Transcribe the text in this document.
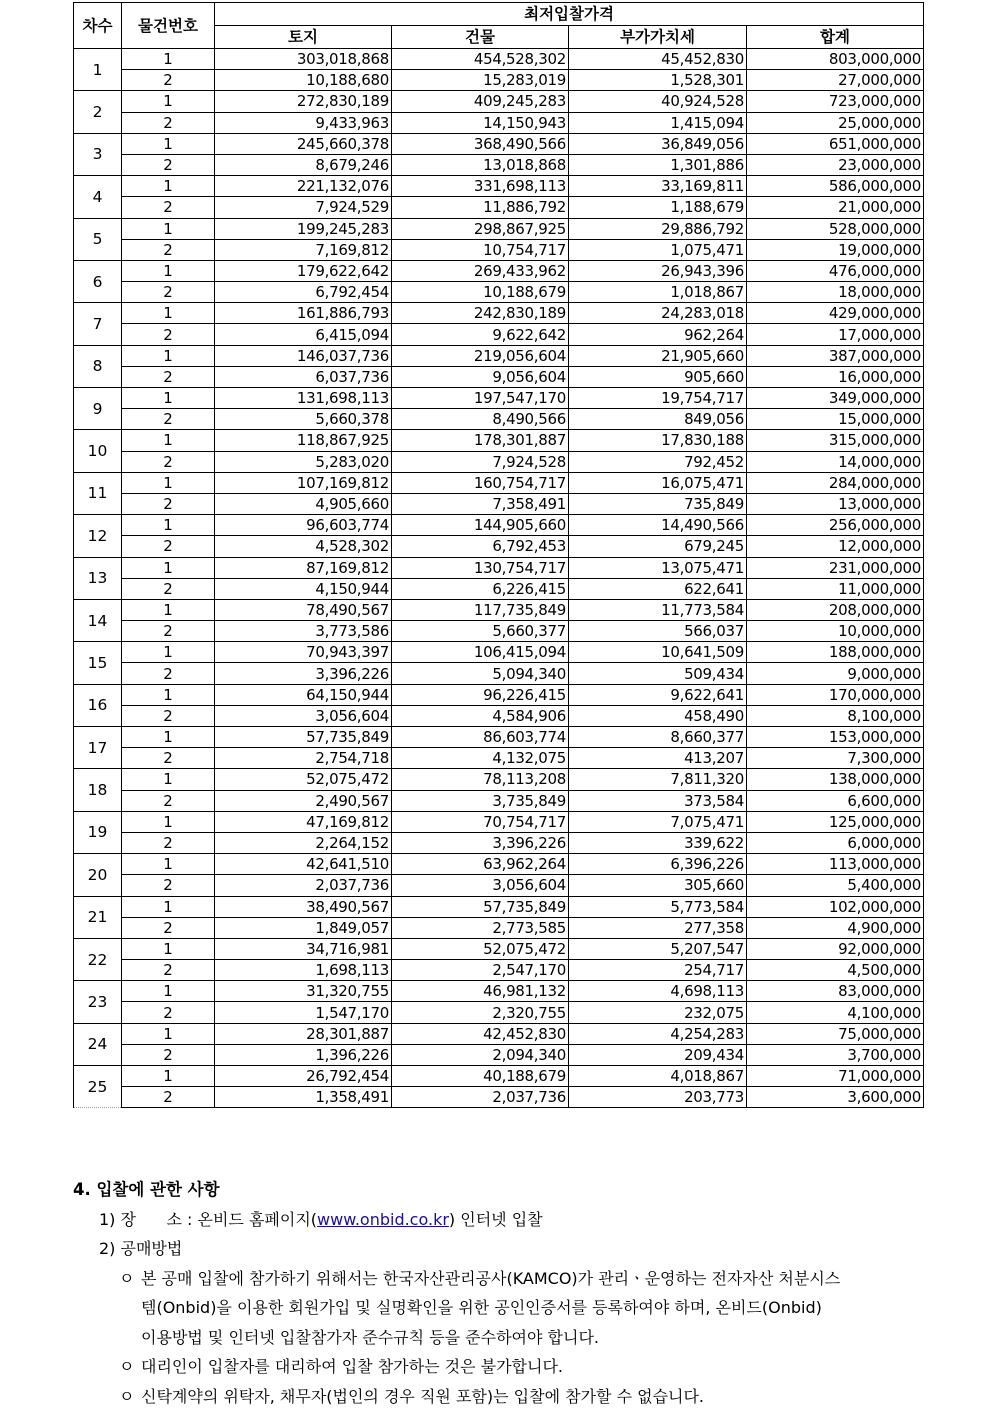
차수	물건번호	최저입찰가격			
		토지	건물	부가가치세	합계
1	1	303,018,868	454,528,302	45,452,830	803,000,000
	2	10,188,680	15,283,019	1,528,301	27,000,000
2	1	272,830,189	409,245,283	40,924,528	723,000,000
	2	9,433,963	14,150,943	1,415,094	25,000,000
3	1	245,660,378	368,490,566	36,849,056	651,000,000
	2	8,679,246	13,018,868	1,301,886	23,000,000
4	1	221,132,076	331,698,113	33,169,811	586,000,000
	2	7,924,529	11,886,792	1,188,679	21,000,000
5	1	199,245,283	298,867,925	29,886,792	528,000,000
	2	7,169,812	10,754,717	1,075,471	19,000,000
6	1	179,622,642	269,433,962	26,943,396	476,000,000
	2	6,792,454	10,188,679	1,018,867	18,000,000
7	1	161,886,793	242,830,189	24,283,018	429,000,000
	2	6,415,094	9,622,642	962,264	17,000,000
8	1	146,037,736	219,056,604	21,905,660	387,000,000
	2	6,037,736	9,056,604	905,660	16,000,000
9	1	131,698,113	197,547,170	19,754,717	349,000,000
	2	5,660,378	8,490,566	849,056	15,000,000
10	1	118,867,925	178,301,887	17,830,188	315,000,000
	2	5,283,020	7,924,528	792,452	14,000,000
11	1	107,169,812	160,754,717	16,075,471	284,000,000
	2	4,905,660	7,358,491	735,849	13,000,000
12	1	96,603,774	144,905,660	14,490,566	256,000,000
	2	4,528,302	6,792,453	679,245	12,000,000
13	1	87,169,812	130,754,717	13,075,471	231,000,000
	2	4,150,944	6,226,415	622,641	11,000,000
14	1	78,490,567	117,735,849	11,773,584	208,000,000
	2	3,773,586	5,660,377	566,037	10,000,000
15	1	70,943,397	106,415,094	10,641,509	188,000,000
	2	3,396,226	5,094,340	509,434	9,000,000
16	1	64,150,944	96,226,415	9,622,641	170,000,000
	2	3,056,604	4,584,906	458,490	8,100,000
17	1	57,735,849	86,603,774	8,660,377	153,000,000
	2	2,754,718	4,132,075	413,207	7,300,000
18	1	52,075,472	78,113,208	7,811,320	138,000,000
	2	2,490,567	3,735,849	373,584	6,600,000
19	1	47,169,812	70,754,717	7,075,471	125,000,000
	2	2,264,152	3,396,226	339,622	6,000,000
20	1	42,641,510	63,962,264	6,396,226	113,000,000
	2	2,037,736	3,056,604	305,660	5,400,000
21	1	38,490,567	57,735,849	5,773,584	102,000,000
	2	1,849,057	2,773,585	277,358	4,900,000
22	1	34,716,981	52,075,472	5,207,547	92,000,000
	2	1,698,113	2,547,170	254,717	4,500,000
23	1	31,320,755	46,981,132	4,698,113	83,000,000
	2	1,547,170	2,320,755	232,075	4,100,000
24	1	28,301,887	42,452,830	4,254,283	75,000,000
	2	1,396,226	2,094,340	209,434	3,700,000
25	1	26,792,454	40,188,679	4,018,867	71,000,000
	2	1,358,491	2,037,736	203,773	3,600,000
4. 입찰에 관한 사항
1) 장      소 : 온비드 홈페이지(www.onbid.co.kr) 인터넷 입찰
2) 공매방법
ㅇ 본 공매 입찰에 참가하기 위해서는 한국자산관리공사(KAMCO)가 관리ㆍ운영하는 전자자산 처분시스
템(Onbid)을 이용한 회원가입 및 실명확인을 위한 공인인증서를 등록하여야 하며, 온비드(Onbid)
이용방법 및 인터넷 입찰참가자 준수규칙 등을 준수하여야 합니다.
ㅇ 대리인이 입찰자를 대리하여 입찰 참가하는 것은 불가합니다.
ㅇ 신탁계약의 위탁자, 채무자(법인의 경우 직원 포함)는 입찰에 참가할 수 없습니다.
